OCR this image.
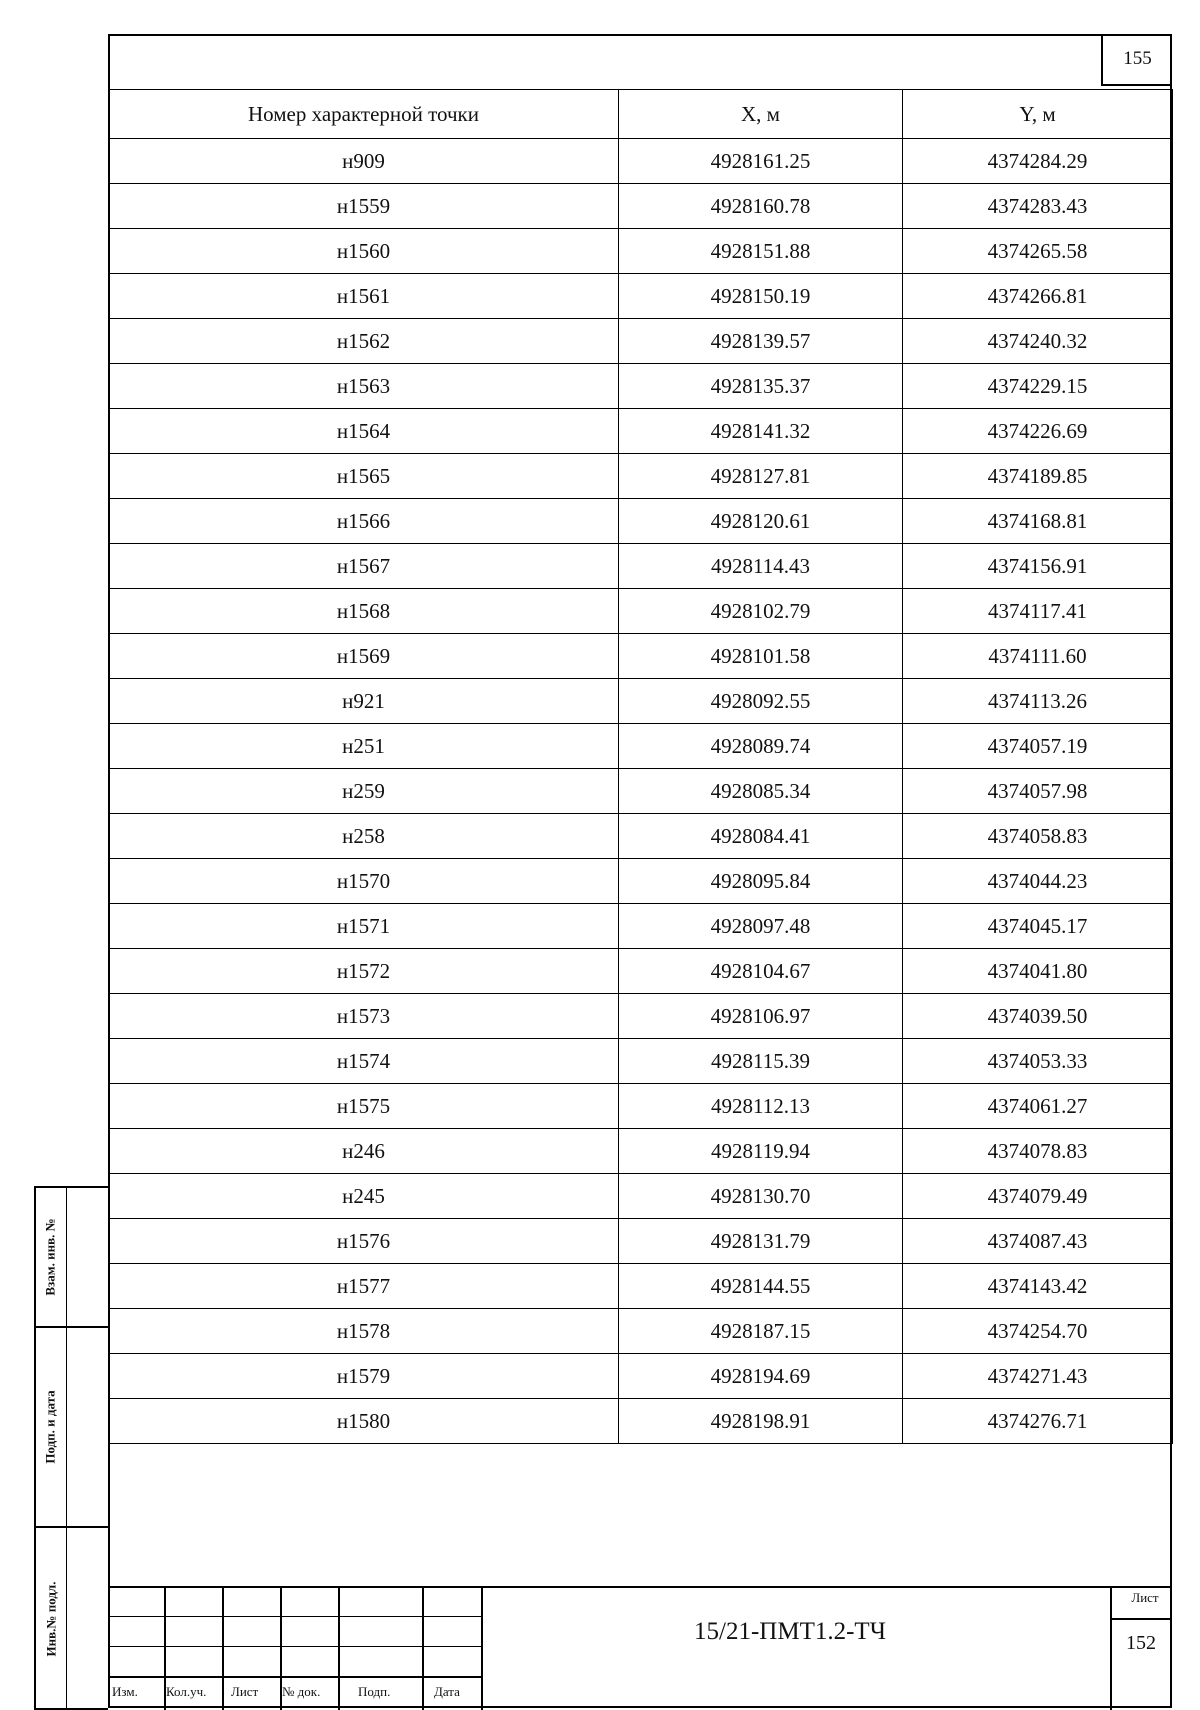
155
Номер характерной точки	X, м	Y, м
н909	4928161.25	4374284.29
н1559	4928160.78	4374283.43
н1560	4928151.88	4374265.58
н1561	4928150.19	4374266.81
н1562	4928139.57	4374240.32
н1563	4928135.37	4374229.15
н1564	4928141.32	4374226.69
н1565	4928127.81	4374189.85
н1566	4928120.61	4374168.81
н1567	4928114.43	4374156.91
н1568	4928102.79	4374117.41
н1569	4928101.58	4374111.60
н921	4928092.55	4374113.26
н251	4928089.74	4374057.19
н259	4928085.34	4374057.98
н258	4928084.41	4374058.83
н1570	4928095.84	4374044.23
н1571	4928097.48	4374045.17
н1572	4928104.67	4374041.80
н1573	4928106.97	4374039.50
н1574	4928115.39	4374053.33
н1575	4928112.13	4374061.27
н246	4928119.94	4374078.83
н245	4928130.70	4374079.49
н1576	4928131.79	4374087.43
н1577	4928144.55	4374143.42
н1578	4928187.15	4374254.70
н1579	4928194.69	4374271.43
н1580	4928198.91	4374276.71
Взам. инв. №
Подп. и дата
Инв.№ подл.
Изм. Кол.уч. Лист № док.	Подп.	Дата
15/21-ПМТ1.2-ТЧ
Лист
152
